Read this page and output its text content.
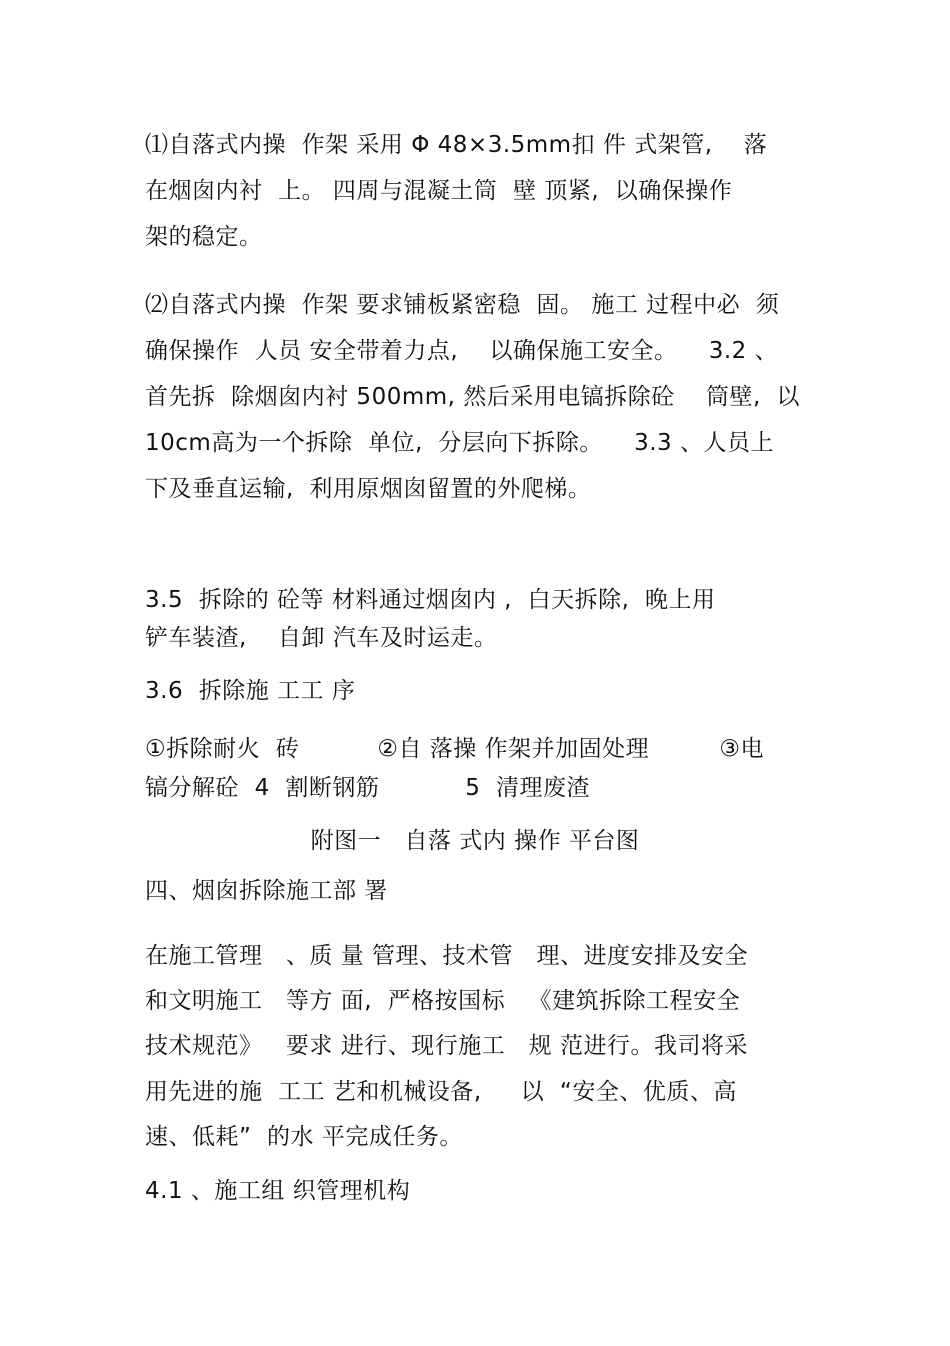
⑴自落式内操  作架 采用 Φ 48×3.5mm扣 件 式架管,    落
在烟囱内衬  上。 四周与混凝土筒  壁 顶紧,  以确保操作
架的稳定。
⑵自落式内操  作架 要求铺板紧密稳  固。 施工 过程中必  须
确保操作  人员 安全带着力点,    以确保施工安全。    3.2 、
首先拆  除烟囱内衬 500mm, 然后采用电镐拆除砼    筒壁,  以
10cm高为一个拆除  单位,  分层向下拆除。    3.3 、人员上
下及垂直运输,  利用原烟囱留置的外爬梯。
3.5  拆除的 砼等 材料通过烟囱内 ,  白天拆除,  晚上用
铲车装渣,    自卸 汽车及时运走。
3.6  拆除施 工工 序
①拆除耐火  砖          ②自 落操 作架并加固处理         ③电
镐分解砼  4  割断钢筋           5  清理废渣
附图一   自落 式内 操作 平台图
四、烟囱拆除施工部 署
在施工管理   、质 量 管理、技术管   理、进度安排及安全
和文明施工   等方 面,  严格按国标   《建筑拆除工程安全
技术规范》   要求 进行、现行施工   规 范进行。我司将采
用先进的施  工工 艺和机械设备,     以  “安全、优质、高
速、低耗”  的水 平完成任务。
4.1 、施工组 织管理机构
